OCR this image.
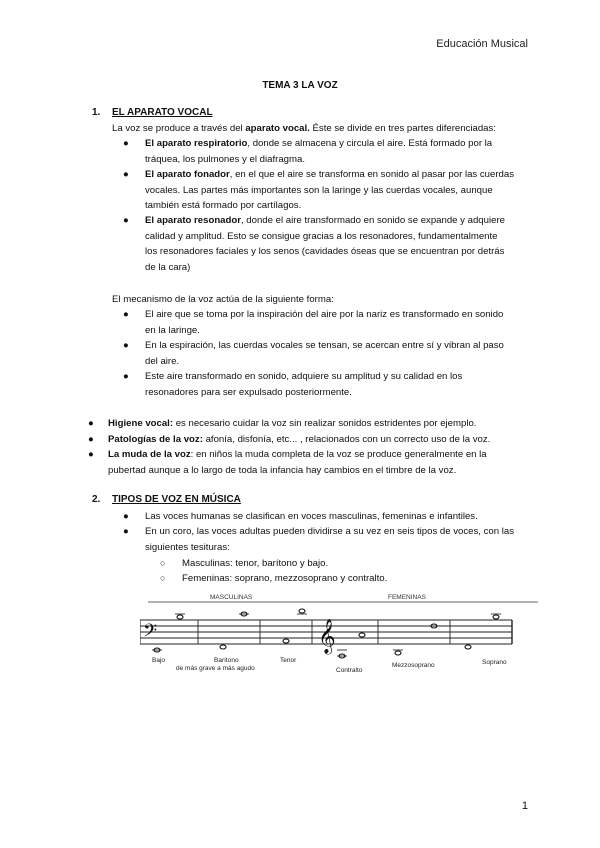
Educación Musical
TEMA 3 LA VOZ
1. EL APARATO VOCAL
La voz se produce a través del aparato vocal. Éste se divide en tres partes diferenciadas:
● El aparato respiratorio, donde se almacena y circula el aire. Está formado por la
tráquea, los pulmones y el diafragma.
● El aparato fonador, en el que el aire se transforma en sonido al pasar por las cuerdas
vocales. Las partes más importantes son la laringe y las cuerdas vocales, aunque
también está formado por cartílagos.
● El aparato resonador, donde el aire transformado en sonido se expande y adquiere
calidad y amplitud. Esto se consigue gracias a los resonadores, fundamentalmente
los resonadores faciales y los senos (cavidades óseas que se encuentran por detrás
de la cara)
El mecanismo de la voz actúa de la siguiente forma:
● El aire que se toma por la inspiración del aire por la nariz es transformado en sonido
en la laringe.
● En la espiración, las cuerdas vocales se tensan, se acercan entre sí y vibran al paso
del aire.
● Este aire transformado en sonido, adquiere su amplitud y su calidad en los
resonadores para ser expulsado posteriormente.
● Higiene vocal: es necesario cuidar la voz sin realizar sonidos estridentes por ejemplo.
● Patologías de la voz: afonía, disfonía, etc... , relacionados con un correcto uso de la voz.
● La muda de la voz: en niños la muda completa de la voz se produce generalmente en la
pubertad aunque a lo largo de toda la infancia hay cambios en el timbre de la voz.
2. TIPOS DE VOZ EN MÚSICA
● Las voces humanas se clasifican en voces masculinas, femeninas e infantiles.
● En un coro, las voces adultas pueden dividirse a su vez en seis tipos de voces, con las
siguientes tesituras:
○ Masculinas: tenor, barítono y bajo.
○ Femeninas: soprano, mezzosoprano y contralto.
MASCULINAS	FEMENINAS
𝄢	𝄞
Bajo	Barítono	Tenor
Contralto
Mezzosoprano	Soprano
de más grave a más agudo
1
